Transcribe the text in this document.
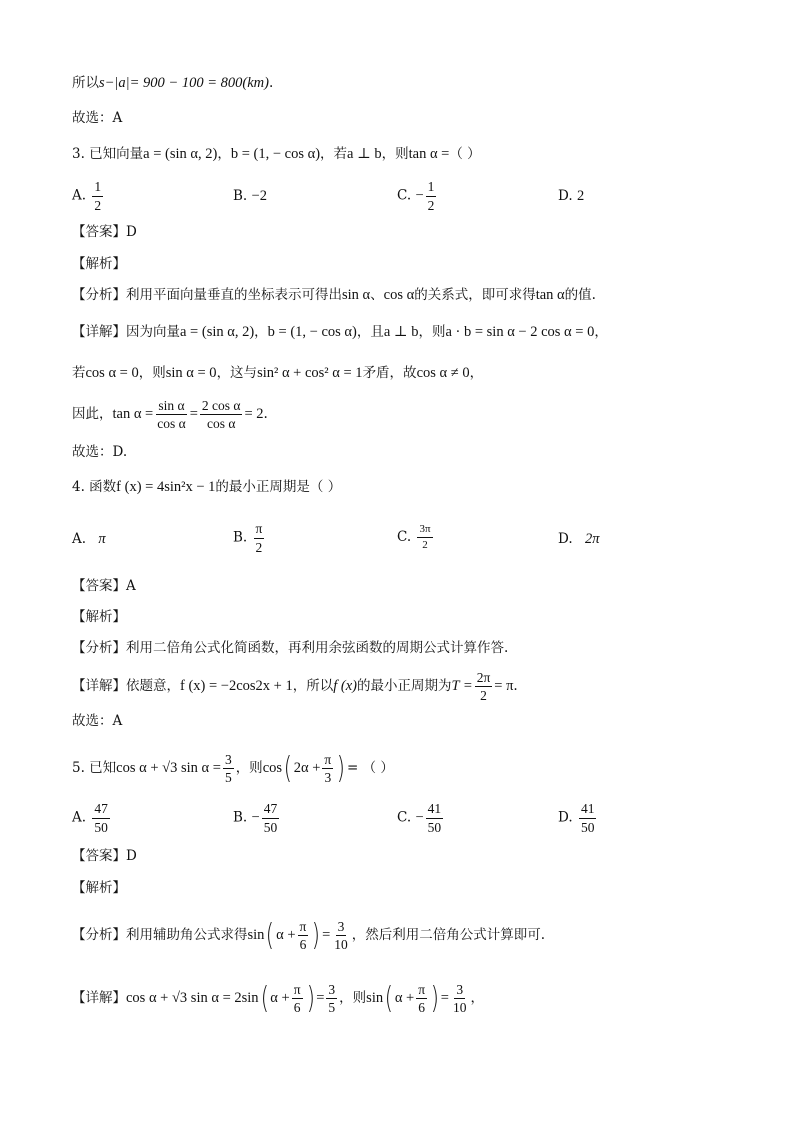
所以s−|a|= 900 − 100 = 800(km).
故选：A
3. 已知向量a = (sin α, 2)，b = (1, − cos α)，若a ⊥ b，则tan α =（ ）
A. $\frac{1}{2}$	B. −2	C. − $\frac{1}{2}$	D. 2
【答案】D
【解析】
【分析】利用平面向量垂直的坐标表示可得出sin α、cos α的关系式，即可求得tan α的值.
【详解】因为向量a = (sin α, 2)，b = (1, − cos α)，且a ⊥ b，则a · b = sin α − 2 cos α = 0，
若cos α = 0，则sin α = 0，这与sin² α + cos² α = 1矛盾，故cos α ≠ 0，
因此，$\tan \alpha = \frac{\text{sin α}}{\text{cos α}} = \frac{\text{2 cos α}}{\text{cos α}} = 2$.
故选：D.
4. 函数f (x) = 4sin²x − 1的最小正周期是（ ）
A. π	B. $\frac{\pi}{2}$	C. $\frac{3\pi}{2}$	D. 2π
【答案】A
【解析】
【分析】利用二倍角公式化简函数，再利用余弦函数的周期公式计算作答.
【详解】依题意，f (x) = −2cos2x + 1，所以f (x)的最小正周期为$T = \frac{2\pi}{2} = \pi$.
故选：A
5. 已知cos α + √3 $\sin \alpha = \frac{3}{5}$ ，则cos( $2\alpha + \frac{\pi}{3}$ ) = （ ）
A. $\frac{47}{50}$	B. − $\frac{47}{50}$	C. − $\frac{41}{50}$	D. $\frac{41}{50}$
【答案】D
【解析】
【分析】利用辅助角公式求得sin( $\alpha + \frac{\pi}{6}$ ) = $\frac{3}{10}$ ，然后利用二倍角公式计算即可.
【详解】cos α + √3 sin α = 2sin( $\alpha + \frac{\pi}{6}$ ) = $\frac{3}{5}$ ，则sin( $\alpha + \frac{\pi}{6}$ ) = $\frac{3}{10}$ ，
